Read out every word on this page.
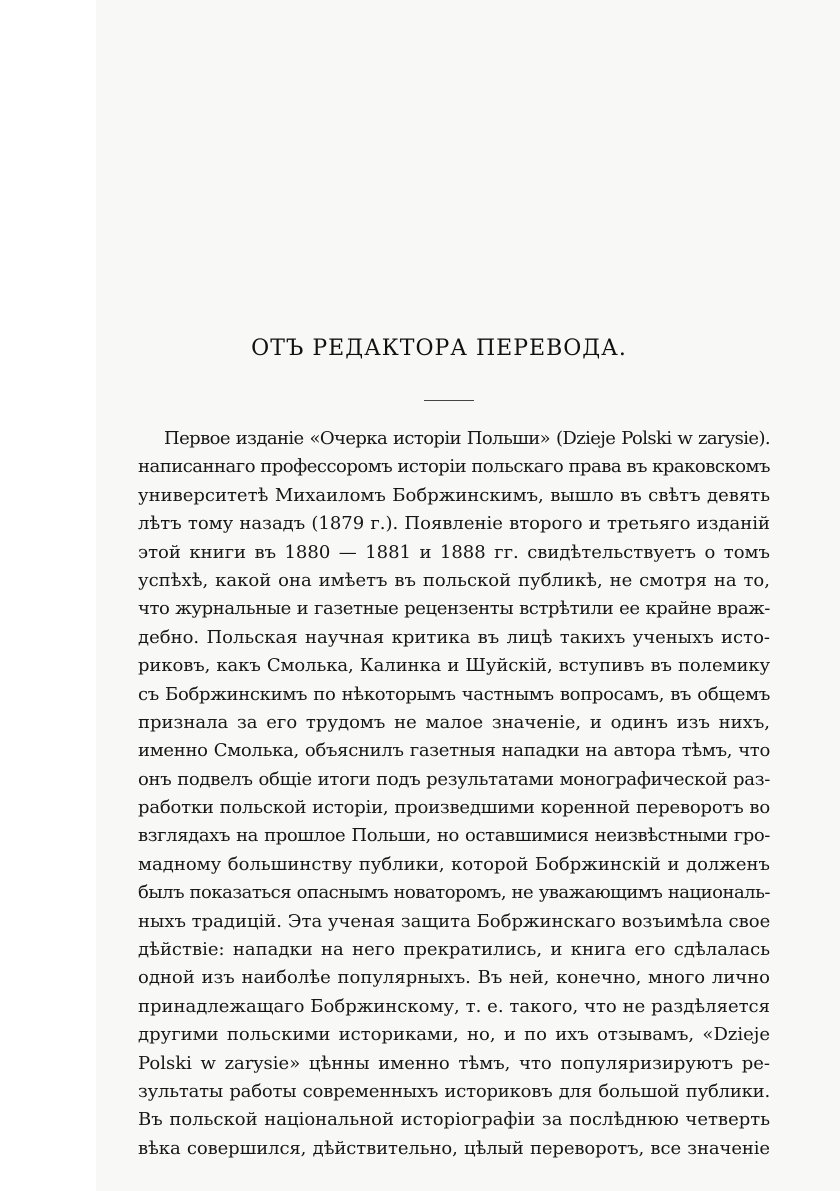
ОТЪ РЕДАКТОРА ПЕРЕВОДА.
Первое изданіе «Очерка исторіи Польши» (Dzieje Polski w zarysie).
написаннаго профессоромъ исторіи польскаго права въ краковскомъ
университетѣ Михаиломъ Бобржинскимъ, вышло въ свѣтъ девять
лѣтъ тому назадъ (1879 г.). Появленіе второго и третьяго изданій
этой книги въ 1880 — 1881 и 1888 гг. свидѣтельствуетъ о томъ
успѣхѣ, какой она имѣетъ въ польской публикѣ, не смотря на то,
что журнальные и газетные рецензенты встрѣтили ее крайне враж-
дебно. Польская научная критика въ лицѣ такихъ ученыхъ исто-
риковъ, какъ Смолька, Калинка и Шуйскій, вступивъ въ полемику
съ Бобржинскимъ по нѣкоторымъ частнымъ вопросамъ, въ общемъ
признала за его трудомъ не малое значеніе, и одинъ изъ нихъ,
именно Смолька, объяснилъ газетныя нападки на автора тѣмъ, что
онъ подвелъ общіе итоги подъ результатами монографической раз-
работки польской исторіи, произведшими коренной переворотъ во
взглядахъ на прошлое Польши, но оставшимися неизвѣстными гро-
мадному большинству публики, которой Бобржинскій и долженъ
былъ показаться опаснымъ новаторомъ, не уважающимъ националь-
ныхъ традицій. Эта ученая защита Бобржинскаго возъимѣла свое
дѣйствіе: нападки на него прекратились, и книга его сдѣлалась
одной изъ наиболѣе популярныхъ. Въ ней, конечно, много лично
принадлежащаго Бобржинскому, т. е. такого, что не раздѣляется
другими польскими историками, но, и по ихъ отзывамъ, «Dzieje
Polski w zarysie» цѣнны именно тѣмъ, что популяризируютъ ре-
зультаты работы современныхъ историковъ для большой публики.
Въ польской національной исторіографіи за послѣднюю четверть
вѣка совершился, дѣйствительно, цѣлый переворотъ, все значеніе
